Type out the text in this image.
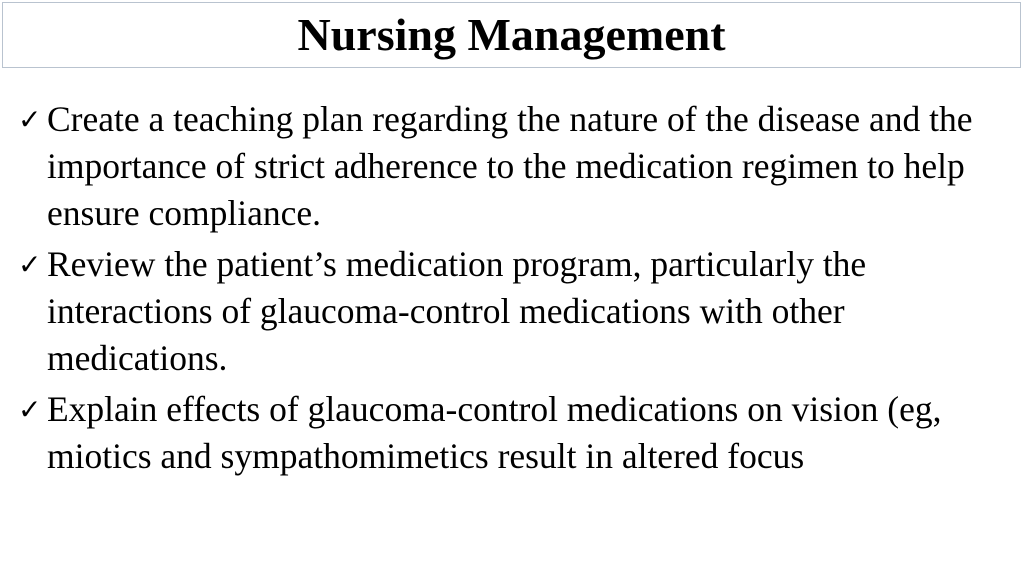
Nursing Management
✓ Create a teaching plan regarding the nature of the disease and the importance of strict adherence to the medication regimen to help ensure compliance.
✓ Review the patient’s medication program, particularly the interactions of glaucoma-control medications with other medications.
✓ Explain effects of glaucoma-control medications on vision (eg, miotics and sympathomimetics result in altered focus
